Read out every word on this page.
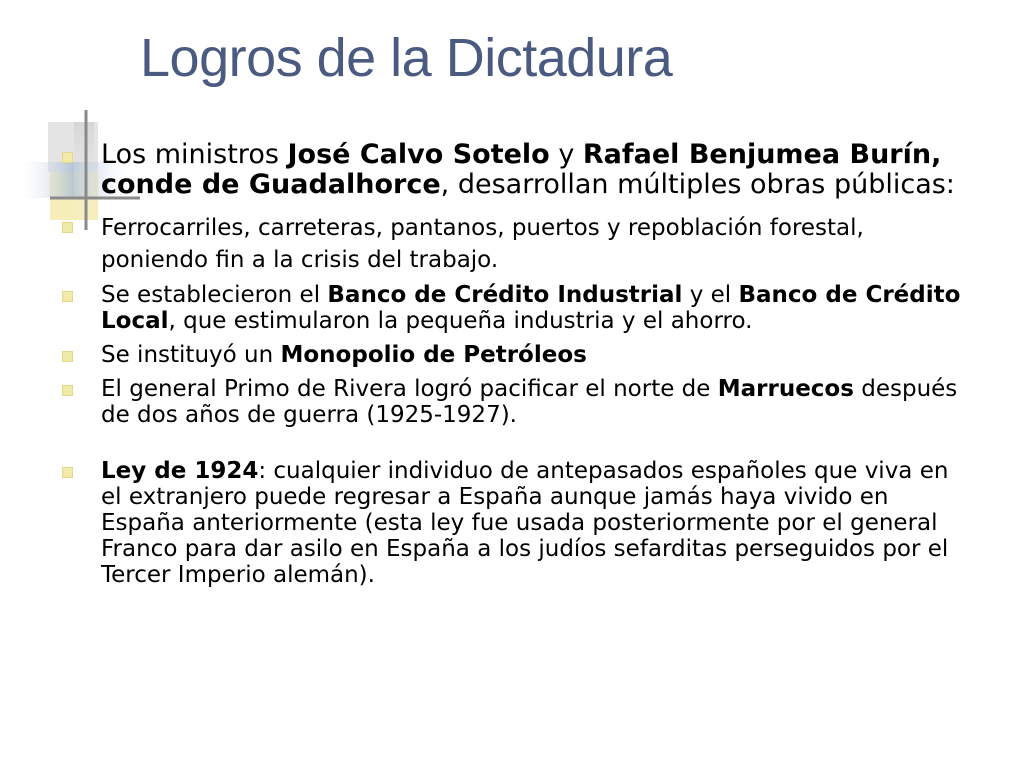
Logros de la Dictadura
Los ministros José Calvo Sotelo y Rafael Benjumea Burín, conde de Guadalhorce, desarrollan múltiples obras públicas:
Ferrocarriles, carreteras, pantanos, puertos y repoblación forestal, poniendo fin a la crisis del trabajo.
Se establecieron el Banco de Crédito Industrial y el Banco de Crédito Local, que estimularon la pequeña industria y el ahorro.
Se instituyó un Monopolio de Petróleos
El general Primo de Rivera logró pacificar el norte de Marruecos después de dos años de guerra (1925-1927).
Ley de 1924: cualquier individuo de antepasados españoles que viva en el extranjero puede regresar a España aunque jamás haya vivido en España anteriormente (esta ley fue usada posteriormente por el general Franco para dar asilo en España a los judíos sefarditas perseguidos por el Tercer Imperio alemán).
